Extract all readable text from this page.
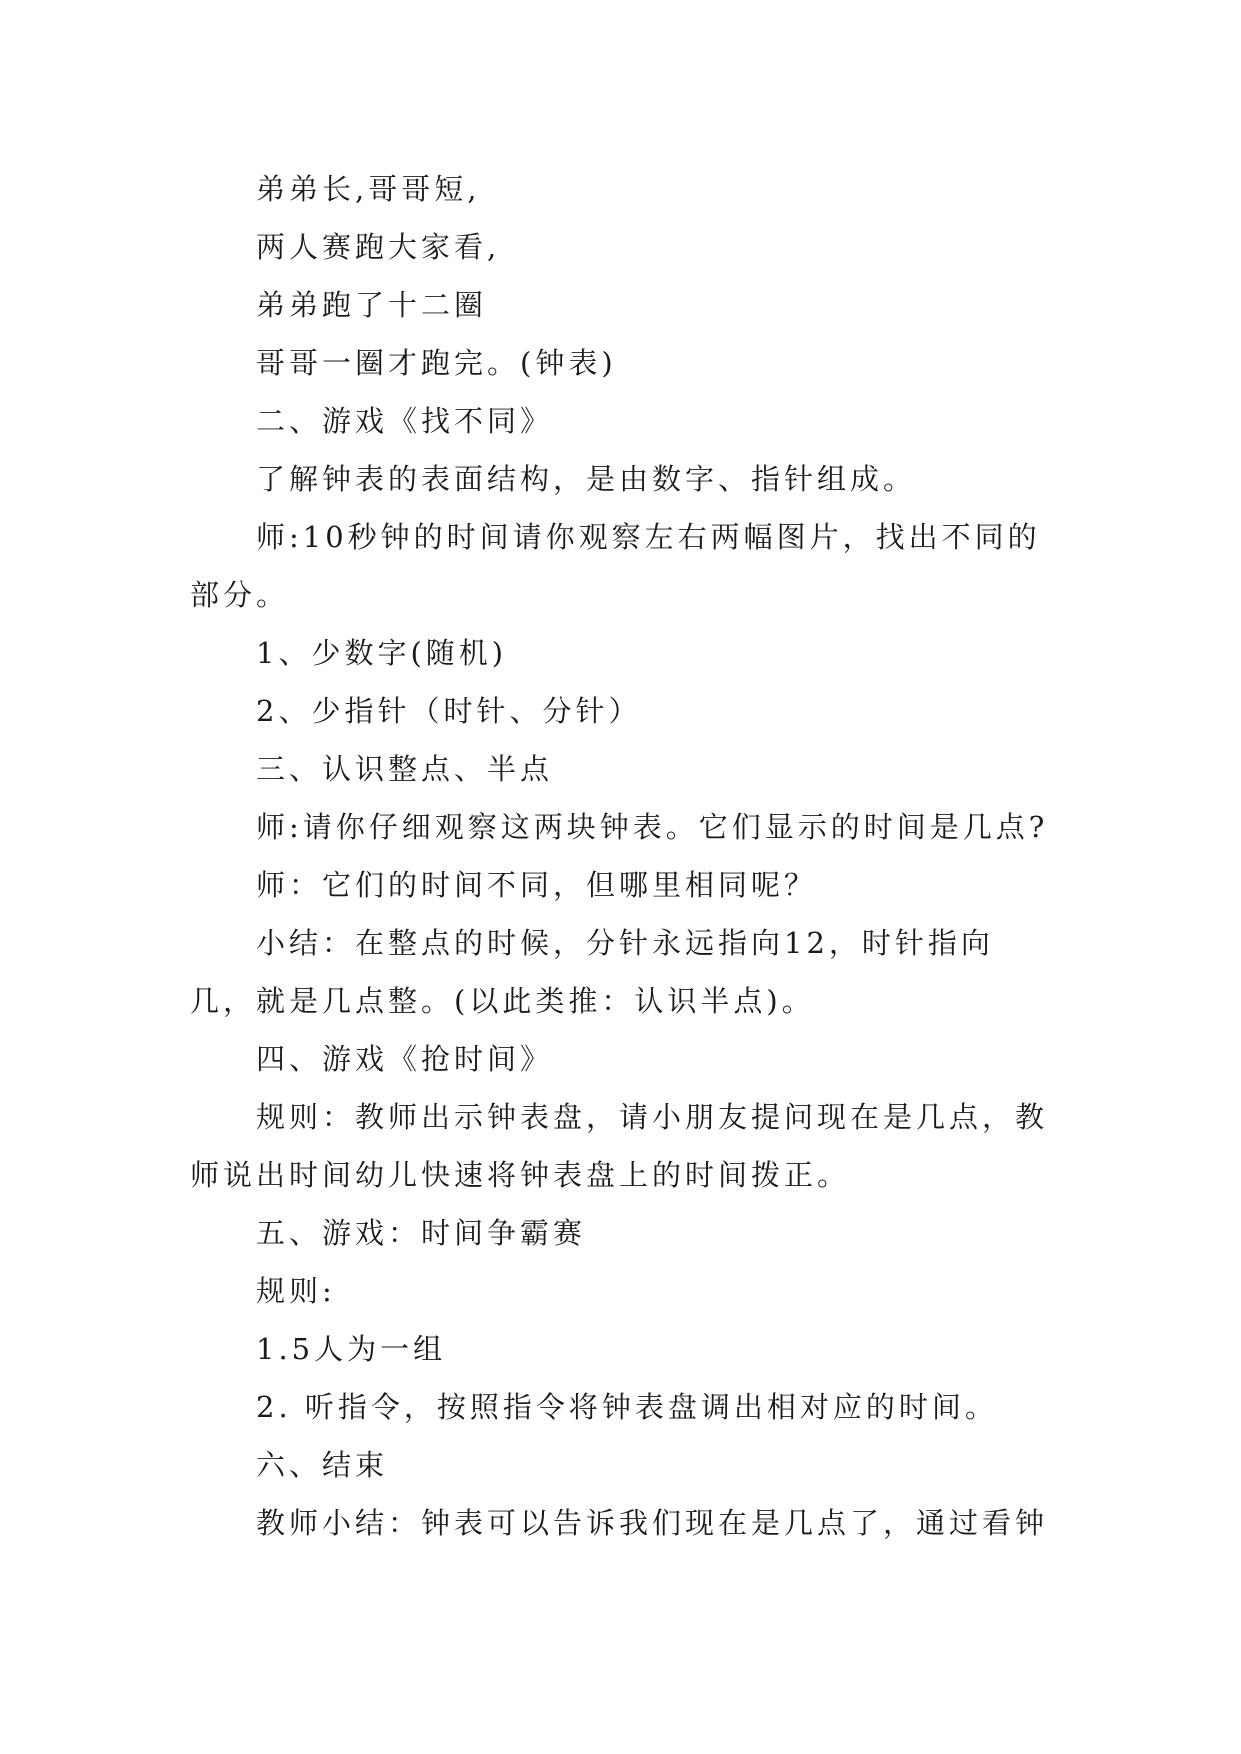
弟弟长,哥哥短,

两人赛跑大家看,

弟弟跑了十二圈

哥哥一圈才跑完。(钟表)

二、游戏《找不同》

了解钟表的表面结构，是由数字、指针组成。

师:10秒钟的时间请你观察左右两幅图片，找出不同的部分。

1、少数字(随机)

2、少指针（时针、分针）

三、认识整点、半点

师:请你仔细观察这两块钟表。它们显示的时间是几点?

师：它们的时间不同，但哪里相同呢？

小结：在整点的时候，分针永远指向12，时针指向几，就是几点整。(以此类推：认识半点)。

四、游戏《抢时间》

规则：教师出示钟表盘，请小朋友提问现在是几点，教师说出时间幼儿快速将钟表盘上的时间拨正。

五、游戏：时间争霸赛

规则:

1.5人为一组

2. 听指令，按照指令将钟表盘调出相对应的时间。

六、结束

教师小结：钟表可以告诉我们现在是几点了，通过看钟
